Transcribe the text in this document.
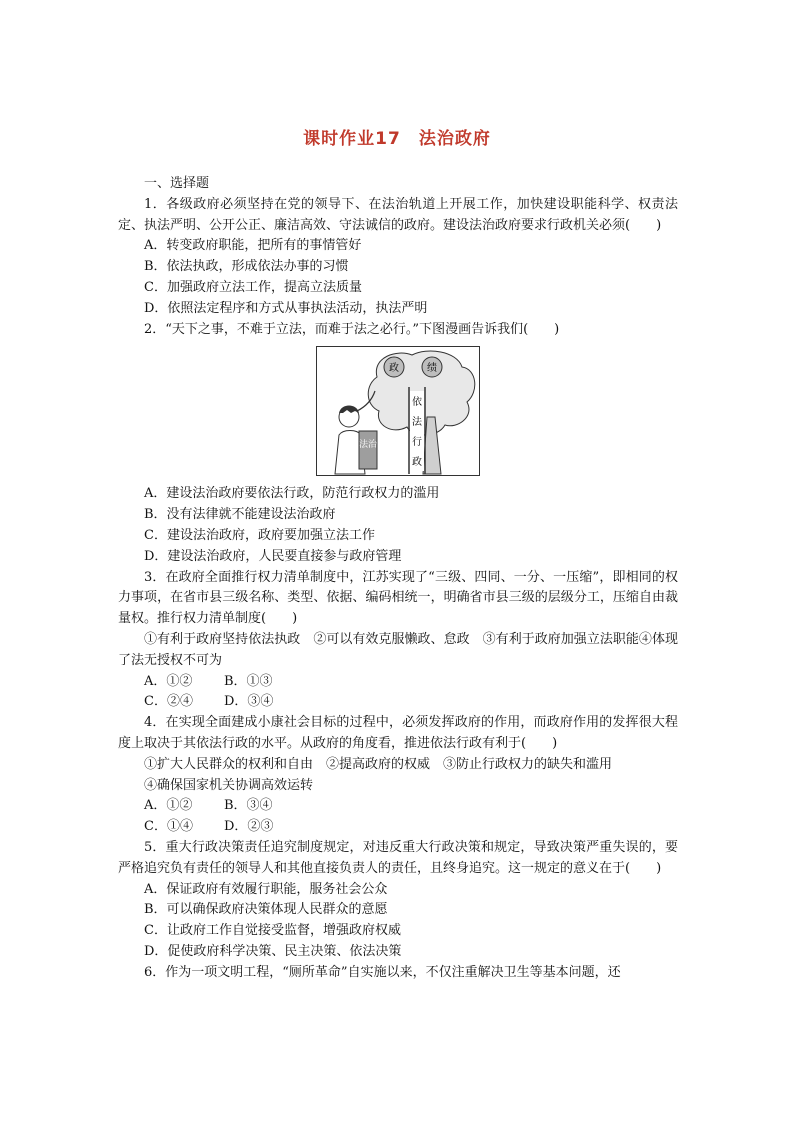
课时作业17　法治政府

一、选择题

1．各级政府必须坚持在党的领导下、在法治轨道上开展工作，加快建设职能科学、权责法定、执法严明、公开公正、廉洁高效、守法诚信的政府。建设法治政府要求行政机关必须(　　)

A．转变政府职能，把所有的事情管好

B．依法执政，形成依法办事的习惯

C．加强政府立法工作，提高立法质量

D．依照法定程序和方式从事执法活动，执法严明

2．“天下之事，不难于立法，而难于法之必行。”下图漫画告诉我们(　　)

政	绩
依
法
行
政
法治

A．建设法治政府要依法行政，防范行政权力的滥用

B．没有法律就不能建设法治政府

C．建设法治政府，政府要加强立法工作

D．建设法治政府，人民要直接参与政府管理

3．在政府全面推行权力清单制度中，江苏实现了“三级、四同、一分、一压缩”，即相同的权力事项，在省市县三级名称、类型、依据、编码相统一，明确省市县三级的层级分工，压缩自由裁量权。推行权力清单制度(　　)

①有利于政府坚持依法执政　②可以有效克服懒政、怠政　③有利于政府加强立法职能④体现了法无授权不可为

A．①② B．①③

C．②④ D．③④

4．在实现全面建成小康社会目标的过程中，必须发挥政府的作用，而政府作用的发挥很大程度上取决于其依法行政的水平。从政府的角度看，推进依法行政有利于(　　)

①扩大人民群众的权利和自由　②提高政府的权威　③防止行政权力的缺失和滥用

④确保国家机关协调高效运转

A．①② B．③④

C．①④ D．②③

5．重大行政决策责任追究制度规定，对违反重大行政决策和规定，导致决策严重失误的，要严格追究负有责任的领导人和其他直接负责人的责任，且终身追究。这一规定的意义在于(　　)

A．保证政府有效履行职能，服务社会公众

B．可以确保政府决策体现人民群众的意愿

C．让政府工作自觉接受监督，增强政府权威

D．促使政府科学决策、民主决策、依法决策

6．作为一项文明工程，“厕所革命”自实施以来，不仅注重解决卫生等基本问题，还
